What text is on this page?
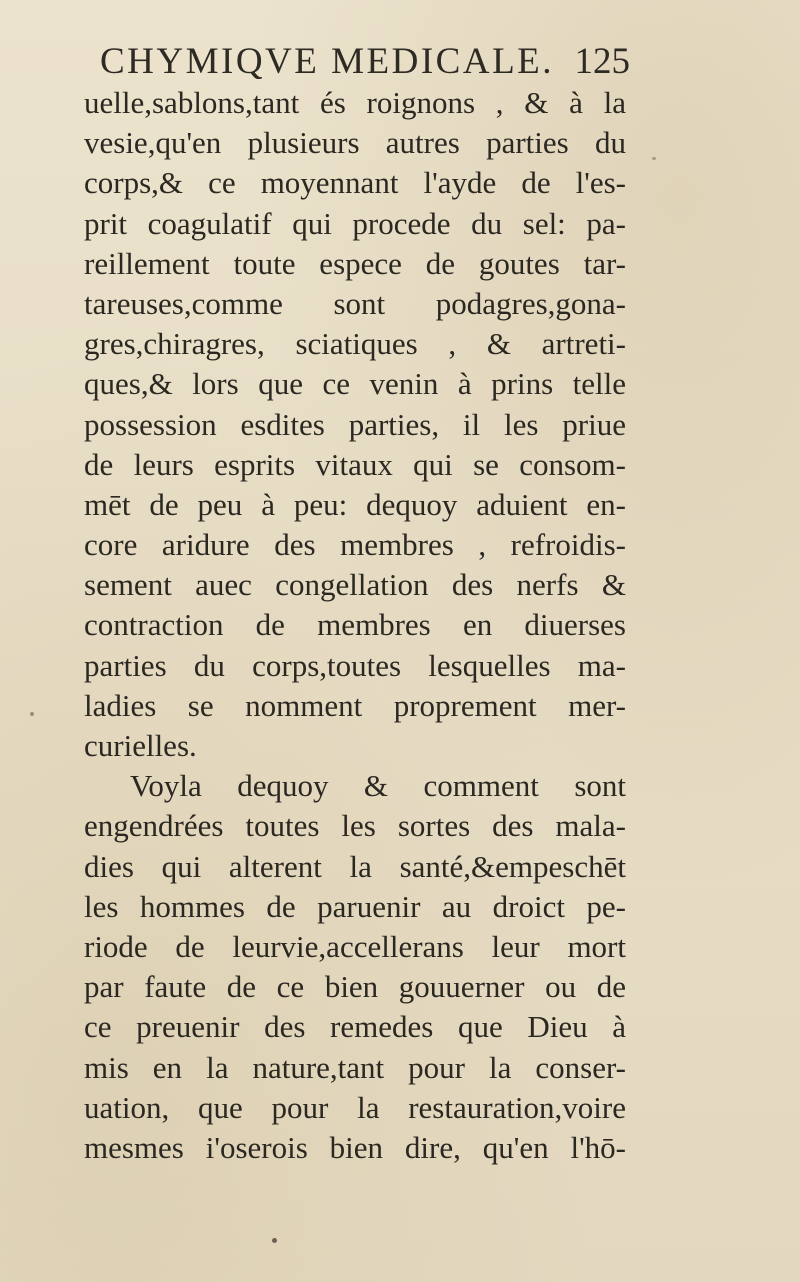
CHYMIQVE MEDICALE. 125
uelle,sablons,tant és roignons , & à la
vesie,qu'en plusieurs autres parties du
corps,& ce moyennant l'ayde de l'es-
prit coagulatif qui procede du sel: pa-
reillement toute espece de goutes tar-
tareuses,comme sont podagres,gona-
gres,chiragres, sciatiques , & artreti-
ques,& lors que ce venin à prins telle
possession esdites parties, il les priue
de leurs esprits vitaux qui se consom-
mēt de peu à peu: dequoy aduient en-
core aridure des membres , refroidis-
sement auec congellation des nerfs &
contraction de membres en diuerses
parties du corps,toutes lesquelles ma-
ladies se nomment proprement mer-
curielles.
Voyla dequoy & comment sont
engendrées toutes les sortes des mala-
dies qui alterent la santé,&empeschēt
les hommes de paruenir au droict pe-
riode de leurvie,accellerans leur mort
par faute de ce bien gouuerner ou de
ce preuenir des remedes que Dieu à
mis en la nature,tant pour la conser-
uation, que pour la restauration,voire
mesmes i'oserois bien dire, qu'en l'hō-
